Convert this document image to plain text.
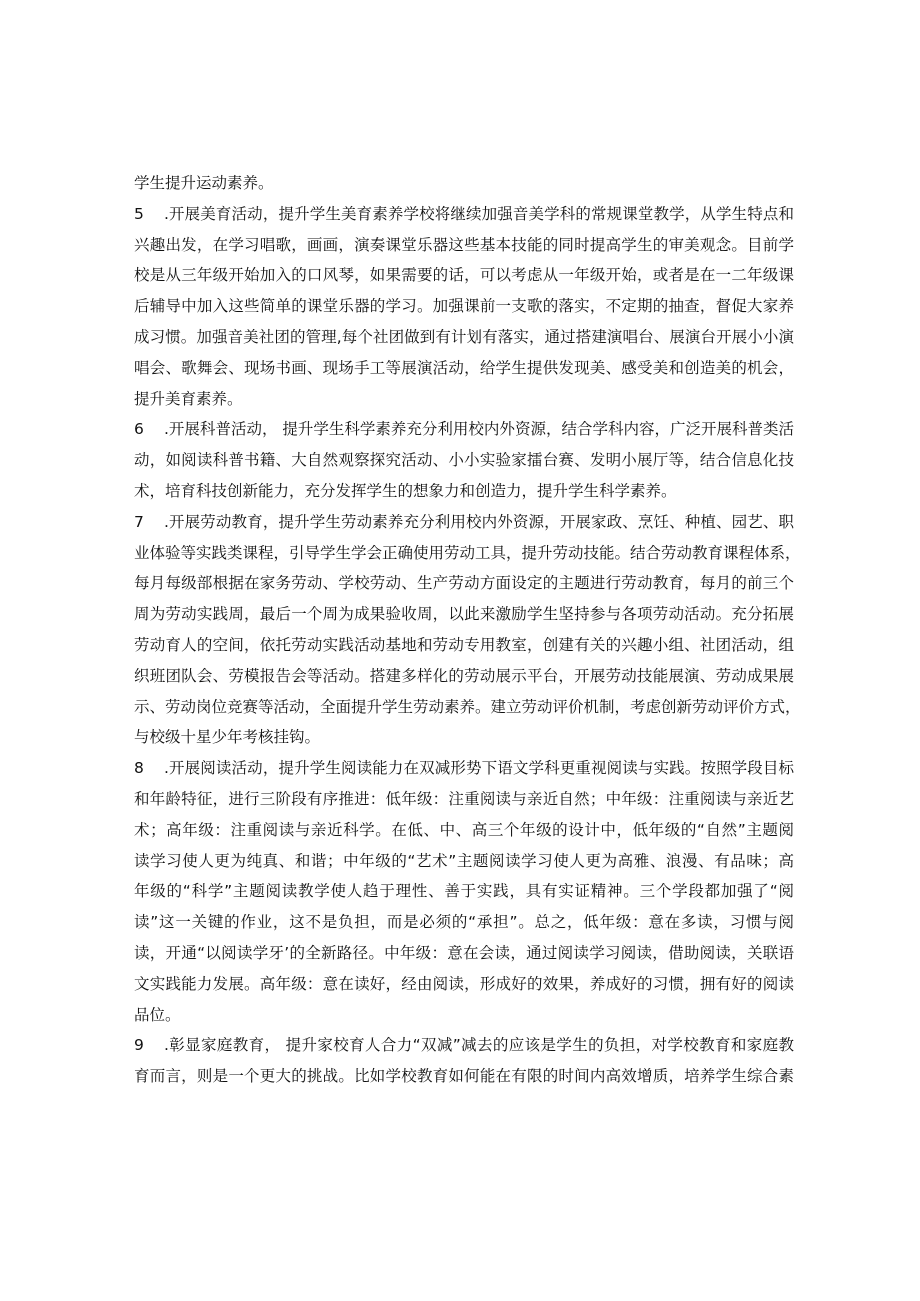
学生提升运动素养。
5 .开展美育活动，提升学生美育素养学校将继续加强音美学科的常规课堂教学，从学生特点和
兴趣出发，在学习唱歌，画画，演奏课堂乐器这些基本技能的同时提高学生的审美观念。目前学
校是从三年级开始加入的口风琴，如果需要的话，可以考虑从一年级开始，或者是在一二年级课
后辅导中加入这些简单的课堂乐器的学习。加强课前一支歌的落实，不定期的抽查，督促大家养
成习惯。加强音美社团的管理,每个社团做到有计划有落实，通过搭建演唱台、展演台开展小小演
唱会、歌舞会、现场书画、现场手工等展演活动，给学生提供发现美、感受美和创造美的机会，
提升美育素养。
6 .开展科普活动， 提升学生科学素养充分利用校内外资源，结合学科内容，广泛开展科普类活
动，如阅读科普书籍、大自然观察探究活动、小小实验家擂台赛、发明小展厅等，结合信息化技
术，培育科技创新能力，充分发挥学生的想象力和创造力，提升学生科学素养。
7 .开展劳动教育，提升学生劳动素养充分利用校内外资源，开展家政、烹饪、种植、园艺、职
业体验等实践类课程，引导学生学会正确使用劳动工具，提升劳动技能。结合劳动教育课程体系，
每月每级部根据在家务劳动、学校劳动、生产劳动方面设定的主题进行劳动教育，每月的前三个
周为劳动实践周，最后一个周为成果验收周，以此来激励学生坚持参与各项劳动活动。充分拓展
劳动育人的空间，依托劳动实践活动基地和劳动专用教室，创建有关的兴趣小组、社团活动，组
织班团队会、劳模报告会等活动。搭建多样化的劳动展示平台，开展劳动技能展演、劳动成果展
示、劳动岗位竞赛等活动，全面提升学生劳动素养。建立劳动评价机制，考虑创新劳动评价方式，
与校级十星少年考核挂钩。
8 .开展阅读活动，提升学生阅读能力在双减形势下语文学科更重视阅读与实践。按照学段目标
和年龄特征，进行三阶段有序推进：低年级：注重阅读与亲近自然；中年级：注重阅读与亲近艺
术；高年级：注重阅读与亲近科学。在低、中、高三个年级的设计中，低年级的“自然”主题阅
读学习使人更为纯真、和谐；中年级的“艺术”主题阅读学习使人更为高雅、浪漫、有品味；高
年级的“科学”主题阅读教学使人趋于理性、善于实践，具有实证精神。三个学段都加强了“阅
读”这一关键的作业，这不是负担，而是必须的“承担”。总之，低年级：意在多读，习惯与阅
读，开通“以阅读学牙’的全新路径。中年级：意在会读，通过阅读学习阅读，借助阅读，关联语
文实践能力发展。高年级：意在读好，经由阅读，形成好的效果，养成好的习惯，拥有好的阅读
品位。
9 .彰显家庭教育， 提升家校育人合力“双减”减去的应该是学生的负担，对学校教育和家庭教
育而言，则是一个更大的挑战。比如学校教育如何能在有限的时间内高效增质，培养学生综合素
